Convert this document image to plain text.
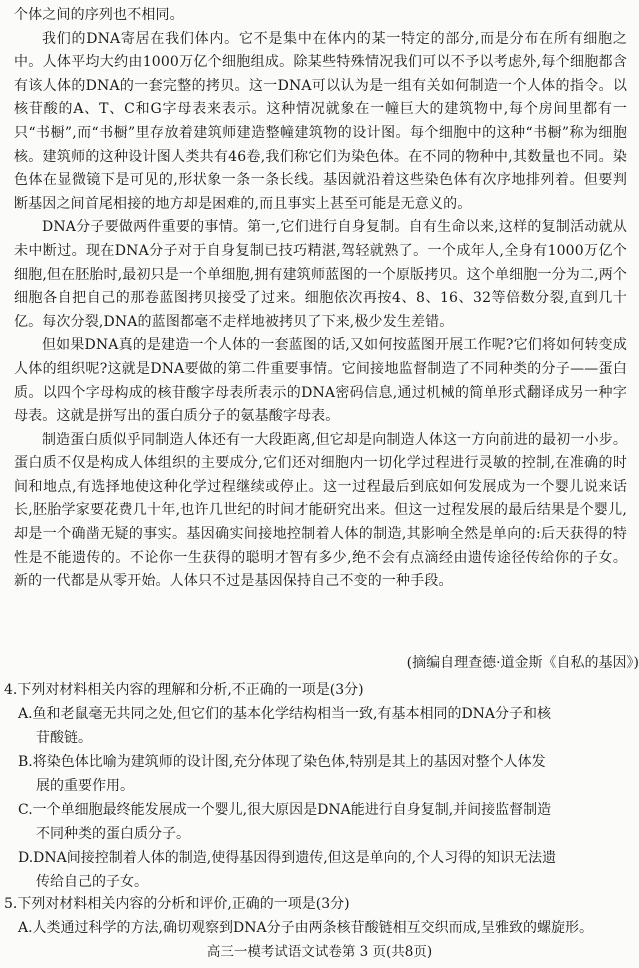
个体之间的序列也不相同。

我们的DNA寄居在我们体内。它不是集中在体内的某一特定的部分,而是分布在所有细胞之中。人体平均大约由1000万亿个细胞组成。除某些特殊情况我们可以不予以考虑外,每个细胞都含有该人体的DNA的一套完整的拷贝。这一DNA可以认为是一组有关如何制造一个人体的指令。以核苷酸的A、T、C和G字母表来表示。这种情况就象在一幢巨大的建筑物中,每个房间里都有一只“书橱”,而“书橱”里存放着建筑师建造整幢建筑物的设计图。每个细胞中的这种“书橱”称为细胞核。建筑师的这种设计图人类共有46卷,我们称它们为染色体。在不同的物种中,其数量也不同。染色体在显微镜下是可见的,形状象一条一条长线。基因就沿着这些染色体有次序地排列着。但要判断基因之间首尾相接的地方却是困难的,而且事实上甚至可能是无意义的。

DNA分子要做两件重要的事情。第一,它们进行自身复制。自有生命以来,这样的复制活动就从未中断过。现在DNA分子对于自身复制已技巧精湛,驾轻就熟了。一个成年人,全身有1000万亿个细胞,但在胚胎时,最初只是一个单细胞,拥有建筑师蓝图的一个原版拷贝。这个单细胞一分为二,两个细胞各自把自己的那卷蓝图拷贝接受了过来。细胞依次再按4、8、16、32等倍数分裂,直到几十亿。每次分裂,DNA的蓝图都毫不走样地被拷贝了下来,极少发生差错。

但如果DNA真的是建造一个人体的一套蓝图的话,又如何按蓝图开展工作呢?它们将如何转变成人体的组织呢?这就是DNA要做的第二件重要事情。它间接地监督制造了不同种类的分子——蛋白质。以四个字母构成的核苷酸字母表所表示的DNA密码信息,通过机械的简单形式翻译成另一种字母表。这就是拼写出的蛋白质分子的氨基酸字母表。

制造蛋白质似乎同制造人体还有一大段距离,但它却是向制造人体这一方向前进的最初一小步。蛋白质不仅是构成人体组织的主要成分,它们还对细胞内一切化学过程进行灵敏的控制,在准确的时间和地点,有选择地使这种化学过程继续或停止。这一过程最后到底如何发展成为一个婴儿说来话长,胚胎学家要花费几十年,也许几世纪的时间才能研究出来。但这一过程发展的最后结果是个婴儿,却是一个确凿无疑的事实。基因确实间接地控制着人体的制造,其影响全然是单向的:后天获得的特性是不能遗传的。不论你一生获得的聪明才智有多少,绝不会有点滴经由遗传途径传给你的子女。新的一代都是从零开始。人体只不过是基因保持自己不变的一种手段。

(摘编自理查德·道金斯《自私的基因》)
4.下列对材料相关内容的理解和分析,不正确的一项是(3分)
A.鱼和老鼠毫无共同之处,但它们的基本化学结构相当一致,有基本相同的DNA分子和核
苷酸链。
B.将染色体比喻为建筑师的设计图,充分体现了染色体,特别是其上的基因对整个人体发
展的重要作用。
C.一个单细胞最终能发展成一个婴儿,很大原因是DNA能进行自身复制,并间接监督制造
不同种类的蛋白质分子。
D.DNA间接控制着人体的制造,使得基因得到遗传,但这是单向的,个人习得的知识无法遗
传给自己的子女。
5.下列对材料相关内容的分析和评价,正确的一项是(3分)
A.人类通过科学的方法,确切观察到DNA分子由两条核苷酸链相互交织而成,呈雅致的螺旋形。
高三一模考试语文试卷第 3 页(共8页)
